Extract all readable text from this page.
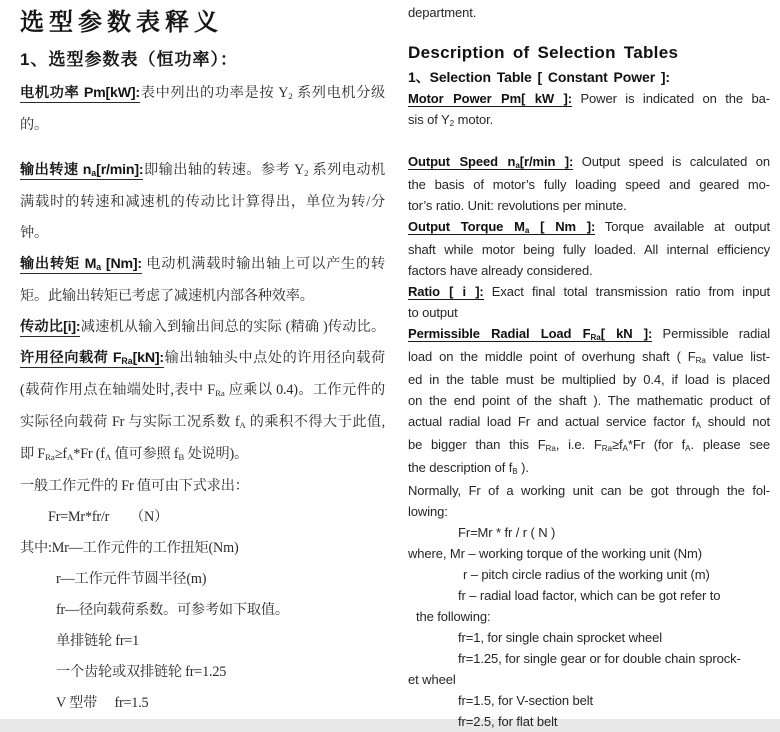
选型参数表释义
1、选型参数表（恒功率）：
电机功率 Pm[kW]:表中列出的功率是按 Y2 系列电机分级
的。
输出转速 na[r/min]:即输出轴的转速。参考 Y2 系列电动机
满载时的转速和减速机的传动比计算得出，单位为转/分
钟。
输出转矩 Ma [Nm]: 电动机满载时输出轴上可以产生的转
矩。此输出转矩已考虑了减速机内部各种效率。
传动比[i]:减速机从输入到输出间总的实际 (精确 )传动比。
许用径向载荷 FRa[kN]:输出轴轴头中点处的许用径向载荷
(载荷作用点在轴端处时,表中 FRa 应乘以 0.4)。工作元件的
实际径向载荷 Fr 与实际工况系数 fA 的乘积不得大于此值,
即 FRa≥fA*Fr (fA 值可参照 fB 处说明)。
一般工作元件的 Fr 值可由下式求出：
Fr=Mr*fr/r　　（N）
其中:Mr—工作元件的工作扭矩(Nm)
r—工作元件节圆半径(m)
fr—径向载荷系数。可参考如下取值。
单排链轮 fr=1
一个齿轮或双排链轮 fr=1.25
V 型带　 fr=1.5
department.
Description of Selection Tables
1、Selection Table [ Constant Power ]:
Motor Power Pm[ kW ]: Power is indicated on the ba-
sis of Y2 motor.
Output Speed na[r/min ]: Output speed is calculated on
the basis of motor’s fully loading speed and geared mo-
tor’s ratio. Unit: revolutions per minute.
Output Torque Ma [ Nm ]: Torque available at output
shaft while motor being fully loaded. All internal efficiency
factors have already considered.
Ratio [ i ]: Exact final total transmission ratio from input
to output
Permissible Radial Load FRa[ kN ]: Permissible radial
load on the middle point of overhung shaft ( FRa value list-
ed in the table must be multiplied by 0.4, if load is placed
on the end point of the shaft ). The mathematic product of
actual radial load Fr and actual service factor fA should not
be bigger than this FRa, i.e. FRa≥fA*Fr (for fA. please see
the description of fB ).
Normally, Fr of a working unit can be got through the fol-
lowing:
Fr=Mr * fr / r ( N )
where, Mr – working torque of the working unit (Nm)
r – pitch circle radius of the working unit (m)
fr – radial load factor, which can be got refer to
the following:
fr=1, for single chain sprocket wheel
fr=1.25, for single gear or for double chain sprock-
et wheel
fr=1.5, for V-section belt
fr=2.5, for flat belt
